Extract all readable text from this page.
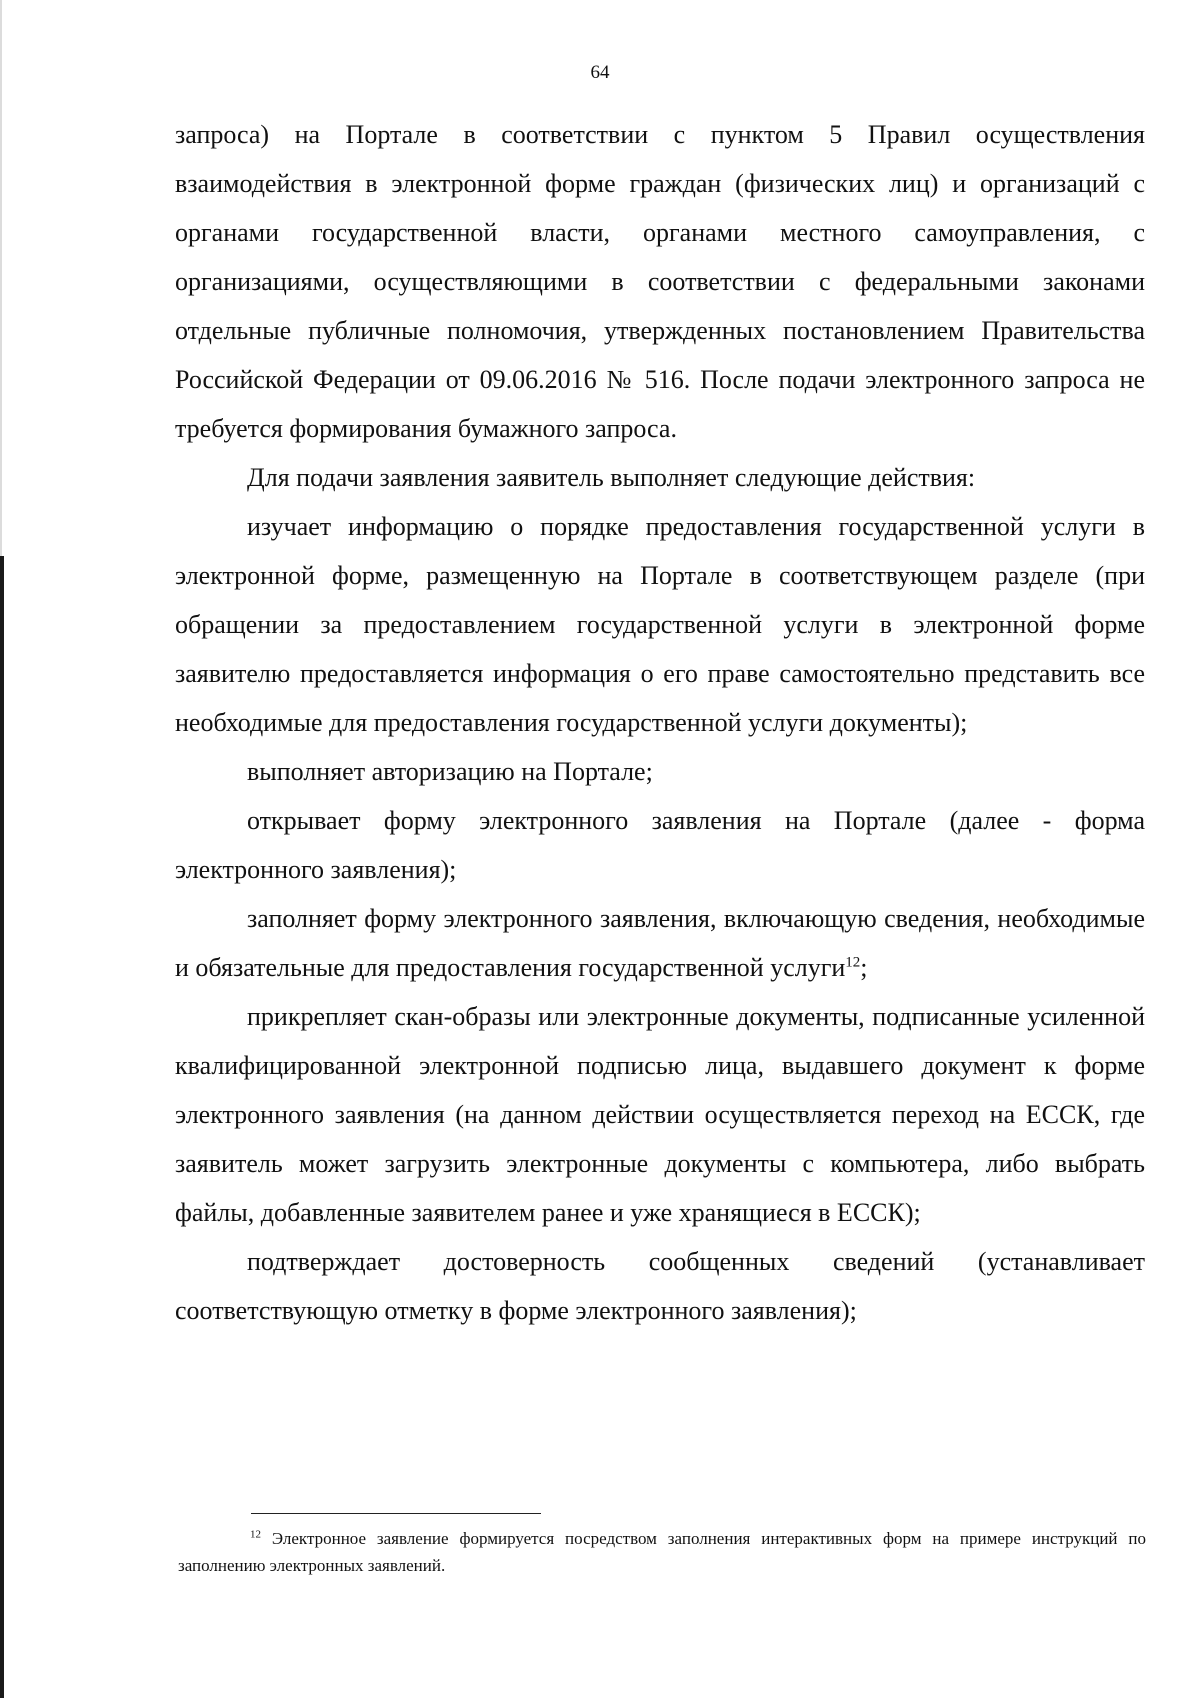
64

запроса) на Портале в соответствии с пунктом 5 Правил осуществления взаимодействия в электронной форме граждан (физических лиц) и организаций с органами государственной власти, органами местного самоуправления, с организациями, осуществляющими в соответствии с федеральными законами отдельные публичные полномочия, утвержденных постановлением Правительства Российской Федерации от 09.06.2016 № 516. После подачи электронного запроса не требуется формирования бумажного запроса.

Для подачи заявления заявитель выполняет следующие действия:

изучает информацию о порядке предоставления государственной услуги в электронной форме, размещенную на Портале в соответствующем разделе (при обращении за предоставлением государственной услуги в электронной форме заявителю предоставляется информация о его праве самостоятельно представить все необходимые для предоставления государственной услуги документы);

выполняет авторизацию на Портале;

открывает форму электронного заявления на Портале (далее - форма электронного заявления);

заполняет форму электронного заявления, включающую сведения, необходимые и обязательные для предоставления государственной услуги$^{12}$;

прикрепляет скан-образы или электронные документы, подписанные усиленной квалифицированной электронной подписью лица, выдавшего документ к форме электронного заявления (на данном действии осуществляется переход на ЕССК, где заявитель может загрузить электронные документы с компьютера, либо выбрать файлы, добавленные заявителем ранее и уже хранящиеся в ЕССК);

подтверждает достоверность сообщенных сведений (устанавливает соответствующую отметку в форме электронного заявления);

$^{12}$ Электронное заявление формируется посредством заполнения интерактивных форм на примере инструкций по заполнению электронных заявлений.
